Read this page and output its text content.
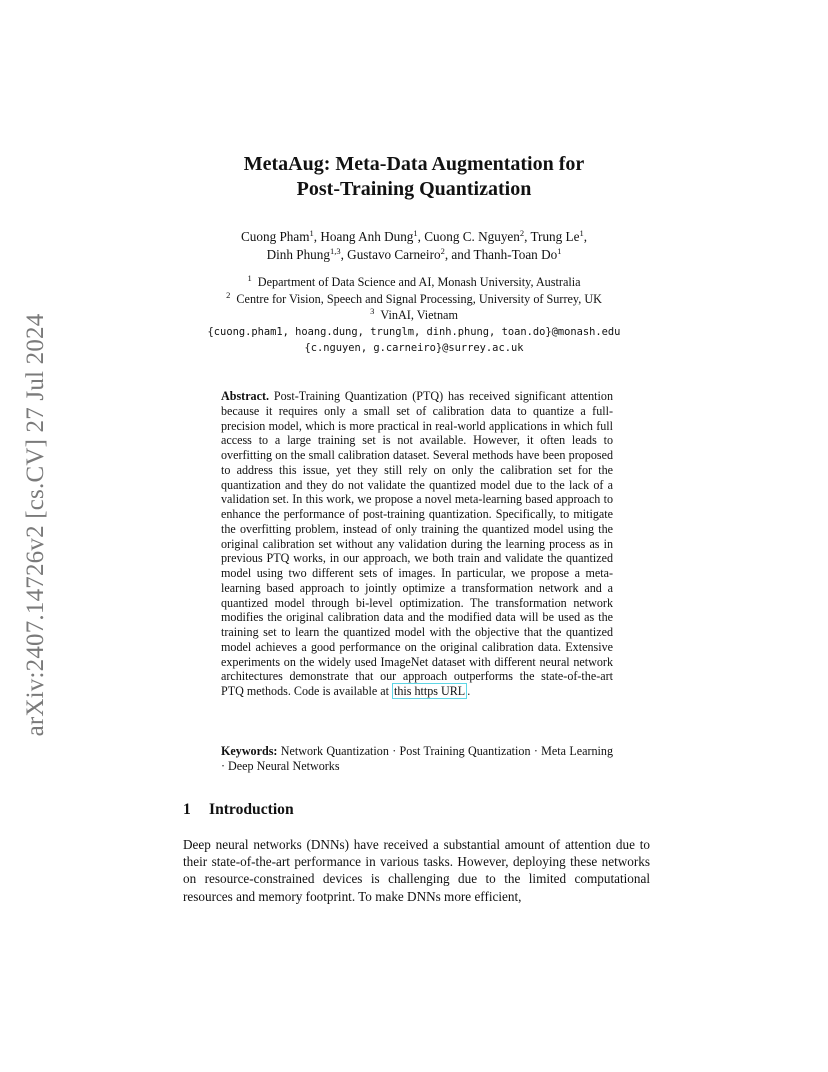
arXiv:2407.14726v2 [cs.CV] 27 Jul 2024
MetaAug: Meta-Data Augmentation for
Post-Training Quantization
Cuong Pham$^1$, Hoang Anh Dung$^1$, Cuong C. Nguyen$^2$, Trung Le$^1$,
Dinh Phung$^{1,3}$, Gustavo Carneiro$^2$, and Thanh-Toan Do$^1$
$^1$ Department of Data Science and AI, Monash University, Australia
$^2$ Centre for Vision, Speech and Signal Processing, University of Surrey, UK
$^3$ VinAI, Vietnam
{cuong.pham1, hoang.dung, trunglm, dinh.phung, toan.do}@monash.edu
{c.nguyen, g.carneiro}@surrey.ac.uk
Abstract. Post-Training Quantization (PTQ) has received significant attention because it requires only a small set of calibration data to quantize a full-precision model, which is more practical in real-world applications in which full access to a large training set is not available. However, it often leads to overfitting on the small calibration dataset. Several methods have been proposed to address this issue, yet they still rely on only the calibration set for the quantization and they do not validate the quantized model due to the lack of a validation set. In this work, we propose a novel meta-learning based approach to enhance the performance of post-training quantization. Specifically, to mitigate the overfitting problem, instead of only training the quantized model using the original calibration set without any validation during the learning process as in previous PTQ works, in our approach, we both train and validate the quantized model using two different sets of images. In particular, we propose a meta-learning based approach to jointly optimize a transformation network and a quantized model through bi-level optimization. The transformation network modifies the original calibration data and the modified data will be used as the training set to learn the quantized model with the objective that the quantized model achieves a good performance on the original calibration data. Extensive experiments on the widely used ImageNet dataset with different neural network architectures demonstrate that our approach outperforms the state-of-the-art PTQ methods. Code is available at this https URL .
Keywords: Network Quantization · Post Training Quantization · Meta Learning · Deep Neural Networks
1 Introduction
Deep neural networks (DNNs) have received a substantial amount of attention due to their state-of-the-art performance in various tasks. However, deploying these networks on resource-constrained devices is challenging due to the limited computational resources and memory footprint. To make DNNs more efficient,
